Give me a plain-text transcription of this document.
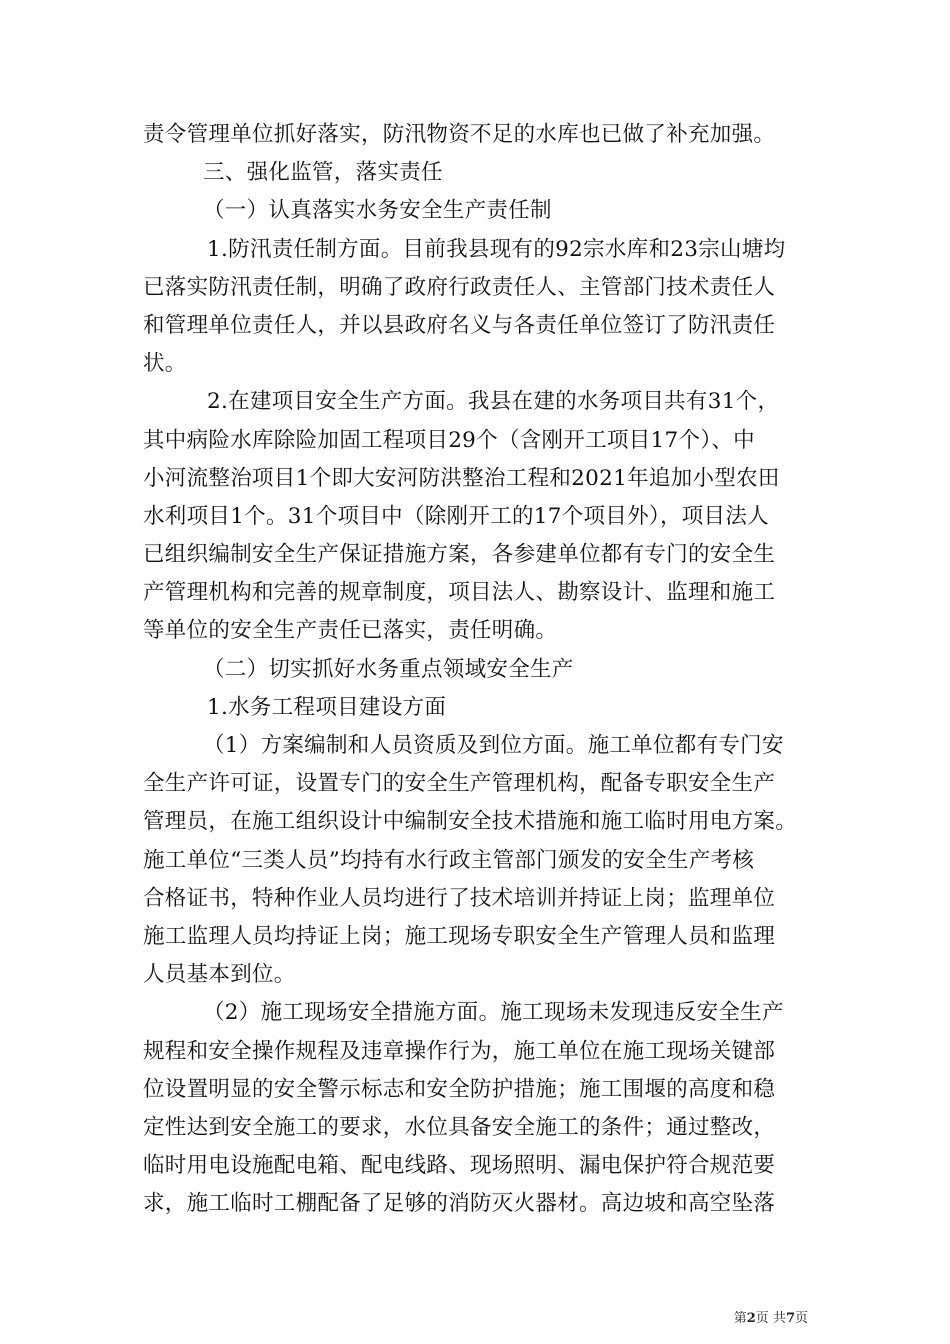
责令管理单位抓好落实，防汛物资不足的水库也已做了补充加强。
三、强化监管，落实责任
（一）认真落实水务安全生产责任制
1.防汛责任制方面。目前我县现有的92宗水库和23宗山塘均
已落实防汛责任制，明确了政府行政责任人、主管部门技术责任人
和管理单位责任人，并以县政府名义与各责任单位签订了防汛责任
状。
2.在建项目安全生产方面。我县在建的水务项目共有31个，
其中病险水库除险加固工程项目29个（含刚开工项目17个）、中
小河流整治项目1个即大安河防洪整治工程和2021年追加小型农田
水利项目1个。31个项目中（除刚开工的17个项目外），项目法人
已组织编制安全生产保证措施方案，各参建单位都有专门的安全生
产管理机构和完善的规章制度，项目法人、勘察设计、监理和施工
等单位的安全生产责任已落实，责任明确。
（二）切实抓好水务重点领域安全生产
1.水务工程项目建设方面
（1）方案编制和人员资质及到位方面。施工单位都有专门安
全生产许可证，设置专门的安全生产管理机构，配备专职安全生产
管理员，在施工组织设计中编制安全技术措施和施工临时用电方案。
施工单位“三类人员”均持有水行政主管部门颁发的安全生产考核
合格证书，特种作业人员均进行了技术培训并持证上岗；监理单位
施工监理人员均持证上岗；施工现场专职安全生产管理人员和监理
人员基本到位。
（2）施工现场安全措施方面。施工现场未发现违反安全生产
规程和安全操作规程及违章操作行为，施工单位在施工现场关键部
位设置明显的安全警示标志和安全防护措施；施工围堰的高度和稳
定性达到安全施工的要求，水位具备安全施工的条件；通过整改，
临时用电设施配电箱、配电线路、现场照明、漏电保护符合规范要
求，施工临时工棚配备了足够的消防灭火器材。高边坡和高空坠落
第2页 共7页
